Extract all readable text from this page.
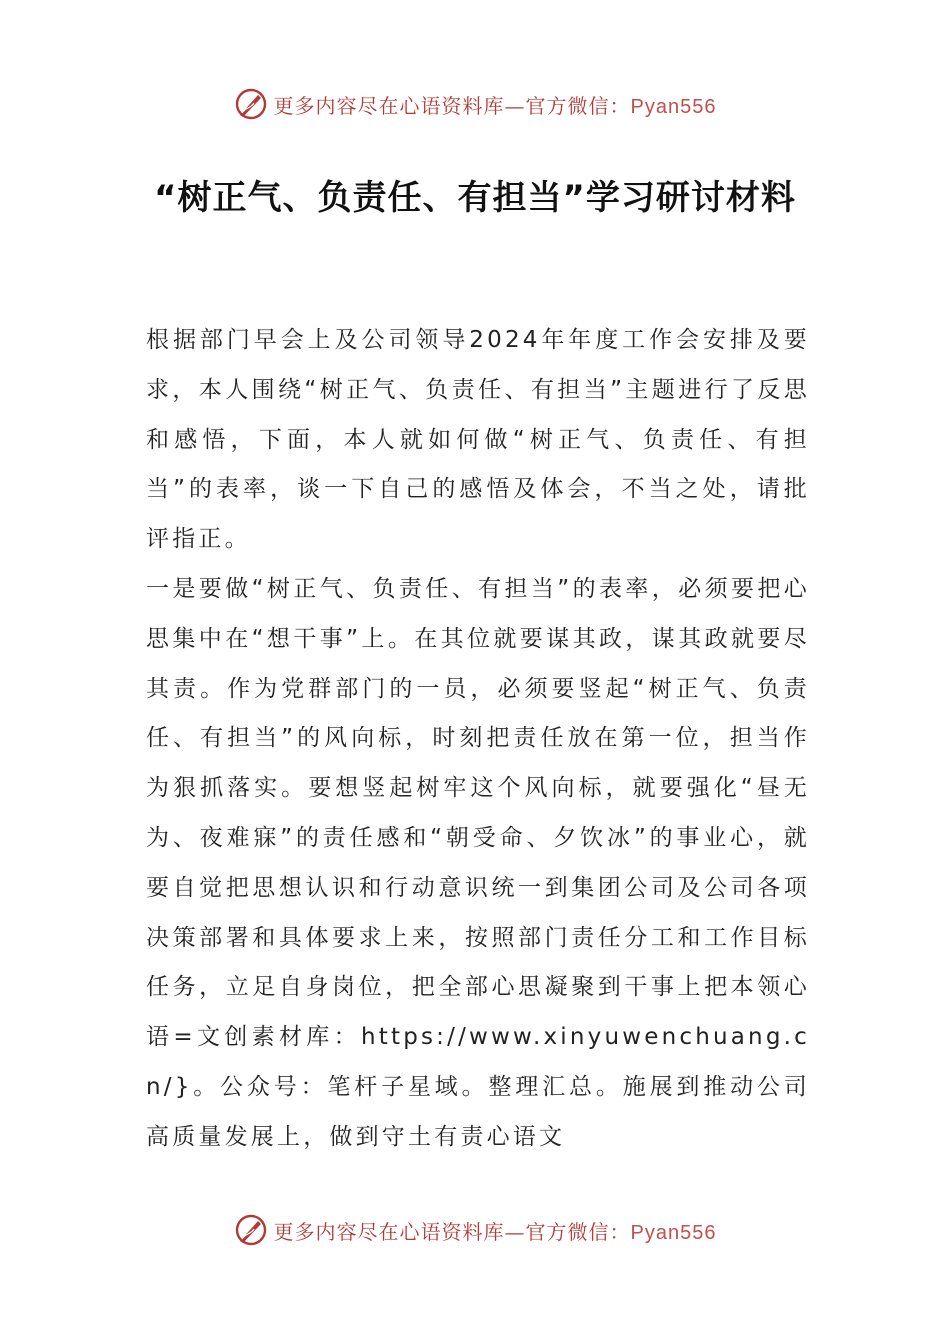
更多内容尽在心语资料库—官方微信：Pyan556
“树正气、负责任、有担当”学习研讨材料

根据部门早会上及公司领导2024年年度工作会安排及要求，本人围绕“树正气、负责任、有担当”主题进行了反思和感悟，下面，本人就如何做“树正气、负责任、有担当”的表率，谈一下自己的感悟及体会，不当之处，请批评指正。

一是要做“树正气、负责任、有担当”的表率，必须要把心思集中在“想干事”上。在其位就要谋其政，谋其政就要尽其责。作为党群部门的一员，必须要竖起“树正气、负责任、有担当”的风向标，时刻把责任放在第一位，担当作为狠抓落实。要想竖起树牢这个风向标，就要强化“昼无为、夜难寐”的责任感和“朝受命、夕饮冰”的事业心，就要自觉把思想认识和行动意识统一到集团公司及公司各项决策部署和具体要求上来，按照部门责任分工和工作目标任务，立足自身岗位，把全部心思凝聚到干事上把本领心语=文创素材库：https://www.xinyuwenchuang.cn/}。公众号：笔杆子星域。整理汇总。施展到推动公司高质量发展上，做到守土有责心语文

更多内容尽在心语资料库—官方微信：Pyan556
